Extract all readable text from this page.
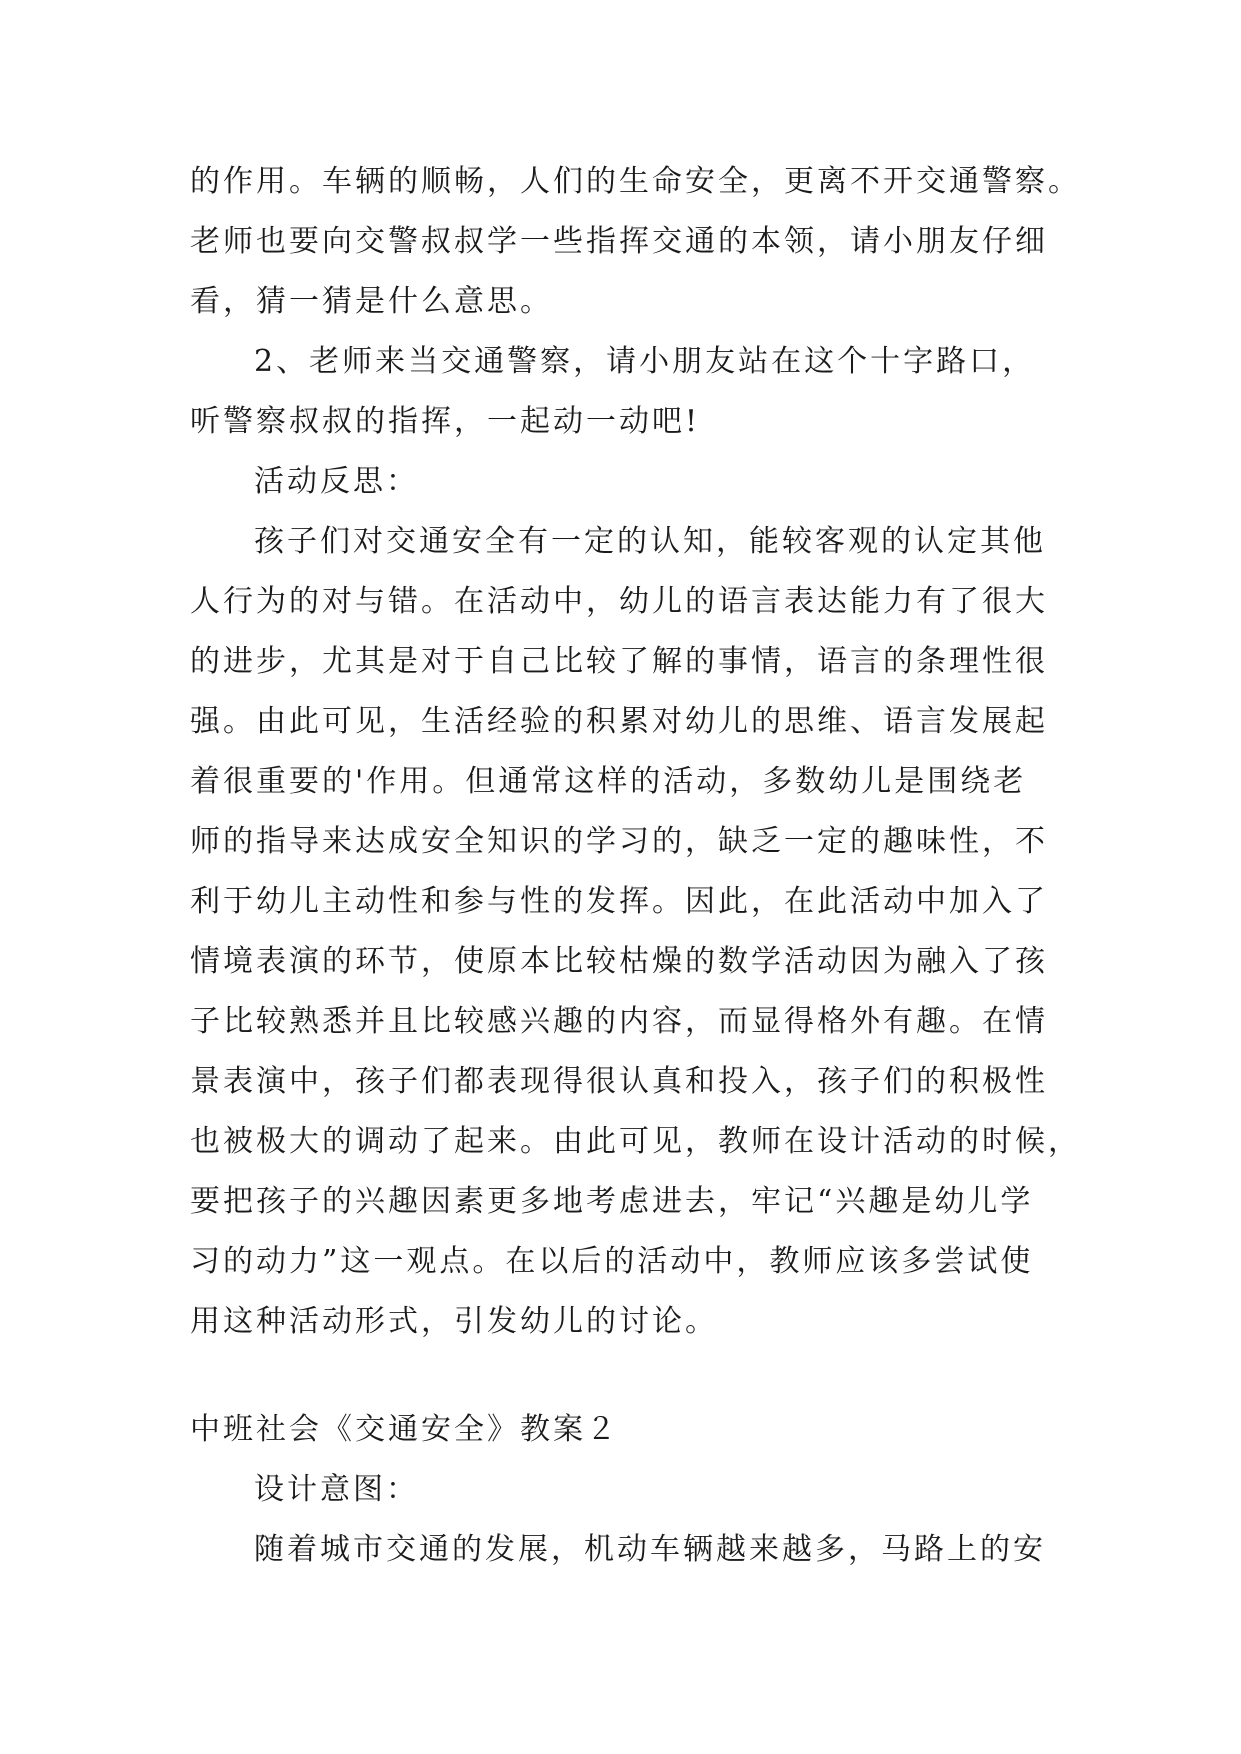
的作用。车辆的顺畅，人们的生命安全，更离不开交通警察。

老师也要向交警叔叔学一些指挥交通的本领，请小朋友仔细

看，猜一猜是什么意思。

2、老师来当交通警察，请小朋友站在这个十字路口，

听警察叔叔的指挥，一起动一动吧!

活动反思：

孩子们对交通安全有一定的认知，能较客观的认定其他

人行为的对与错。在活动中，幼儿的语言表达能力有了很大

的进步，尤其是对于自己比较了解的事情，语言的条理性很

强。由此可见，生活经验的积累对幼儿的思维、语言发展起

着很重要的'作用。但通常这样的活动，多数幼儿是围绕老

师的指导来达成安全知识的学习的，缺乏一定的趣味性，不

利于幼儿主动性和参与性的发挥。因此，在此活动中加入了

情境表演的环节，使原本比较枯燥的数学活动因为融入了孩

子比较熟悉并且比较感兴趣的内容，而显得格外有趣。在情

景表演中，孩子们都表现得很认真和投入，孩子们的积极性

也被极大的调动了起来。由此可见，教师在设计活动的时候，

要把孩子的兴趣因素更多地考虑进去，牢记“兴趣是幼儿学

习的动力”这一观点。在以后的活动中，教师应该多尝试使

用这种活动形式，引发幼儿的讨论。

中班社会《交通安全》教案２

设计意图：

随着城市交通的发展，机动车辆越来越多，马路上的安
